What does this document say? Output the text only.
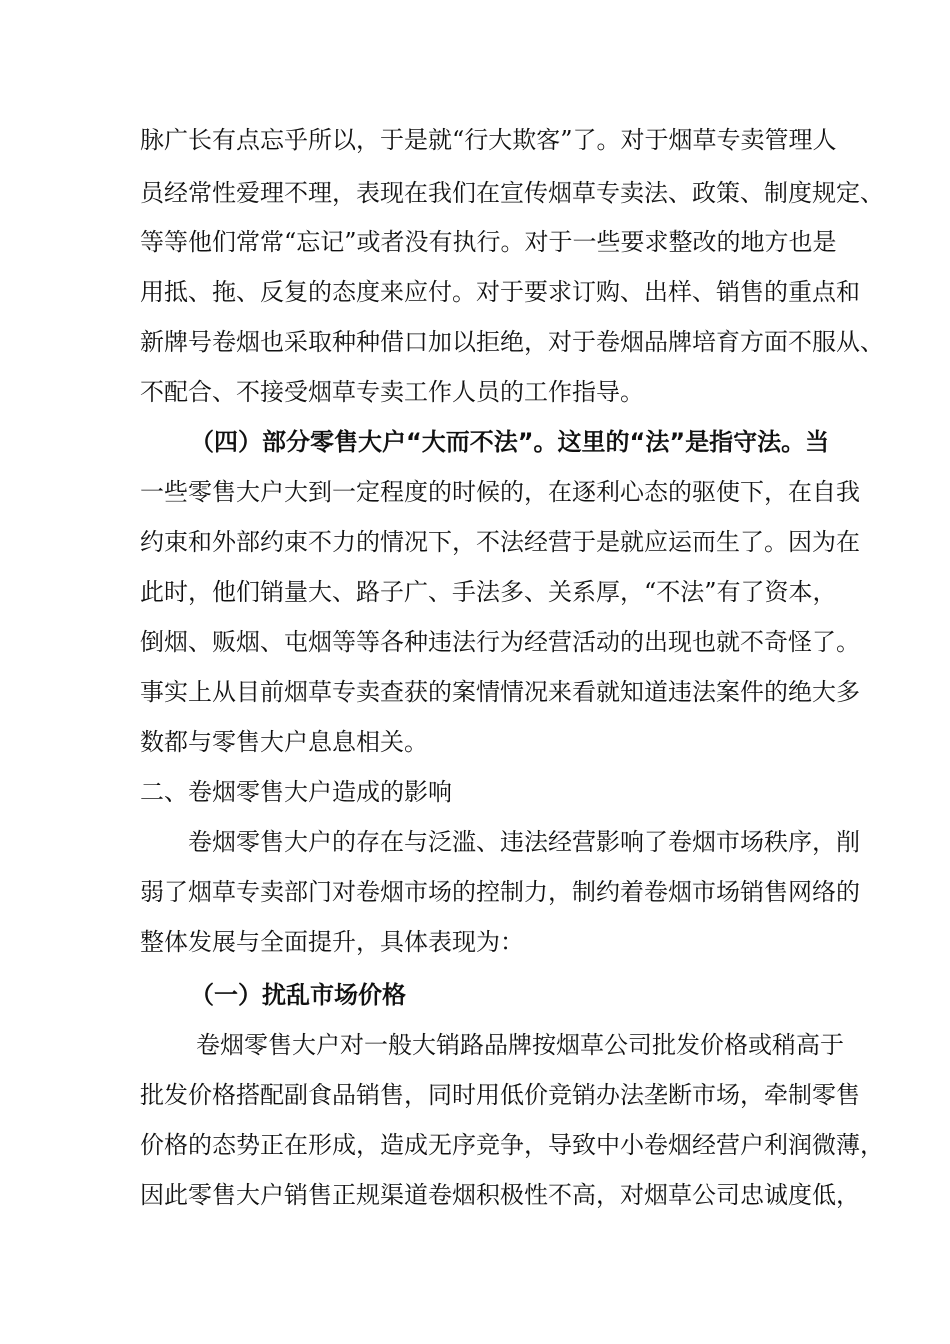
脉广长有点忘乎所以，于是就“行大欺客”了。对于烟草专卖管理人
员经常性爱理不理，表现在我们在宣传烟草专卖法、政策、制度规定、
等等他们常常“忘记”或者没有执行。对于一些要求整改的地方也是
用抵、拖、反复的态度来应付。对于要求订购、出样、销售的重点和
新牌号卷烟也采取种种借口加以拒绝，对于卷烟品牌培育方面不服从、
不配合、不接受烟草专卖工作人员的工作指导。
（四）部分零售大户“大而不法”。这里的“法”是指守法。当
一些零售大户大到一定程度的时候的，在逐利心态的驱使下，在自我
约束和外部约束不力的情况下，不法经营于是就应运而生了。因为在
此时，他们销量大、路子广、手法多、关系厚，“不法”有了资本，
倒烟、贩烟、屯烟等等各种违法行为经营活动的出现也就不奇怪了。
事实上从目前烟草专卖查获的案情情况来看就知道违法案件的绝大多
数都与零售大户息息相关。
二、卷烟零售大户造成的影响
卷烟零售大户的存在与泛滥、违法经营影响了卷烟市场秩序，削
弱了烟草专卖部门对卷烟市场的控制力，制约着卷烟市场销售网络的
整体发展与全面提升，具体表现为：
（一）扰乱市场价格
卷烟零售大户对一般大销路品牌按烟草公司批发价格或稍高于
批发价格搭配副食品销售，同时用低价竞销办法垄断市场，牵制零售
价格的态势正在形成，造成无序竞争，导致中小卷烟经营户利润微薄，
因此零售大户销售正规渠道卷烟积极性不高，对烟草公司忠诚度低，
